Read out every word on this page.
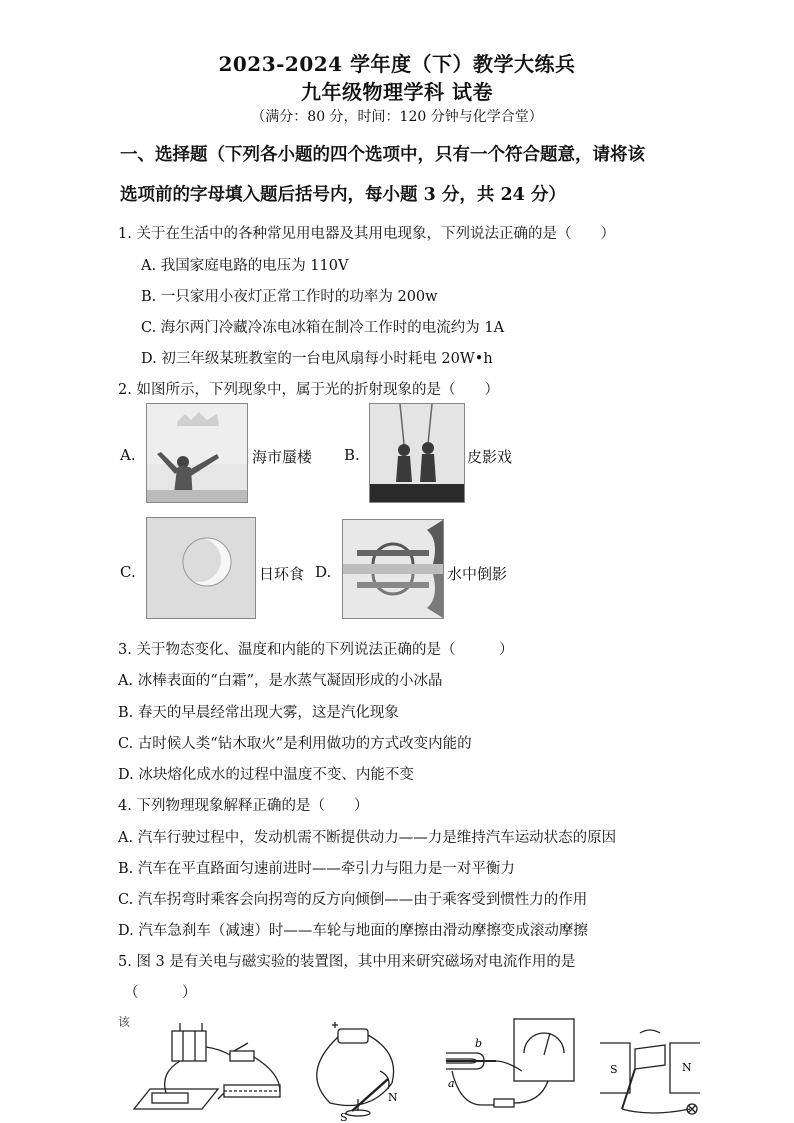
2023-2024 学年度（下）教学大练兵
九年级物理学科 试卷
（满分：80 分，时间：120 分钟与化学合堂）
一、选择题（下列各小题的四个选项中，只有一个符合题意，请将该
选项前的字母填入题后括号内，每小题 3 分，共 24 分）
1. 关于在生活中的各种常见用电器及其用电现象，下列说法正确的是（　　）
A. 我国家庭电路的电压为 110V
B. 一只家用小夜灯正常工作时的功率为 200w
C. 海尔两门冷藏冷冻电冰箱在制冷工作时的电流约为 1A
D. 初三年级某班教室的一台电风扇每小时耗电 20W•h
2. 如图所示，下列现象中，属于光的折射现象的是（　　）
A.	海市蜃楼 B.	皮影戏
C.	日环食 D.	水中倒影
3. 关于物态变化、温度和内能的下列说法正确的是（　　　）
A. 冰棒表面的“白霜”，是水蒸气凝固形成的小冰晶
B. 春天的早晨经常出现大雾，这是汽化现象
C. 古时候人类“钻木取火”是利用做功的方式改变内能的
D. 冰块熔化成水的过程中温度不变、内能不变
4. 下列物理现象解释正确的是（　　）
A. 汽车行驶过程中，发动机需不断提供动力——力是维持汽车运动状态的原因
B. 汽车在平直路面匀速前进时——牵引力与阻力是一对平衡力
C. 汽车拐弯时乘客会向拐弯的反方向倾倒——由于乘客受到惯性力的作用
D. 汽车急刹车（减速）时——车轮与地面的摩擦由滑动摩擦变成滚动摩擦
5. 图 3 是有关电与磁实验的装置图，其中用来研究磁场对电流作用的是
（　　　）
该
N
S
b
a
S	N
